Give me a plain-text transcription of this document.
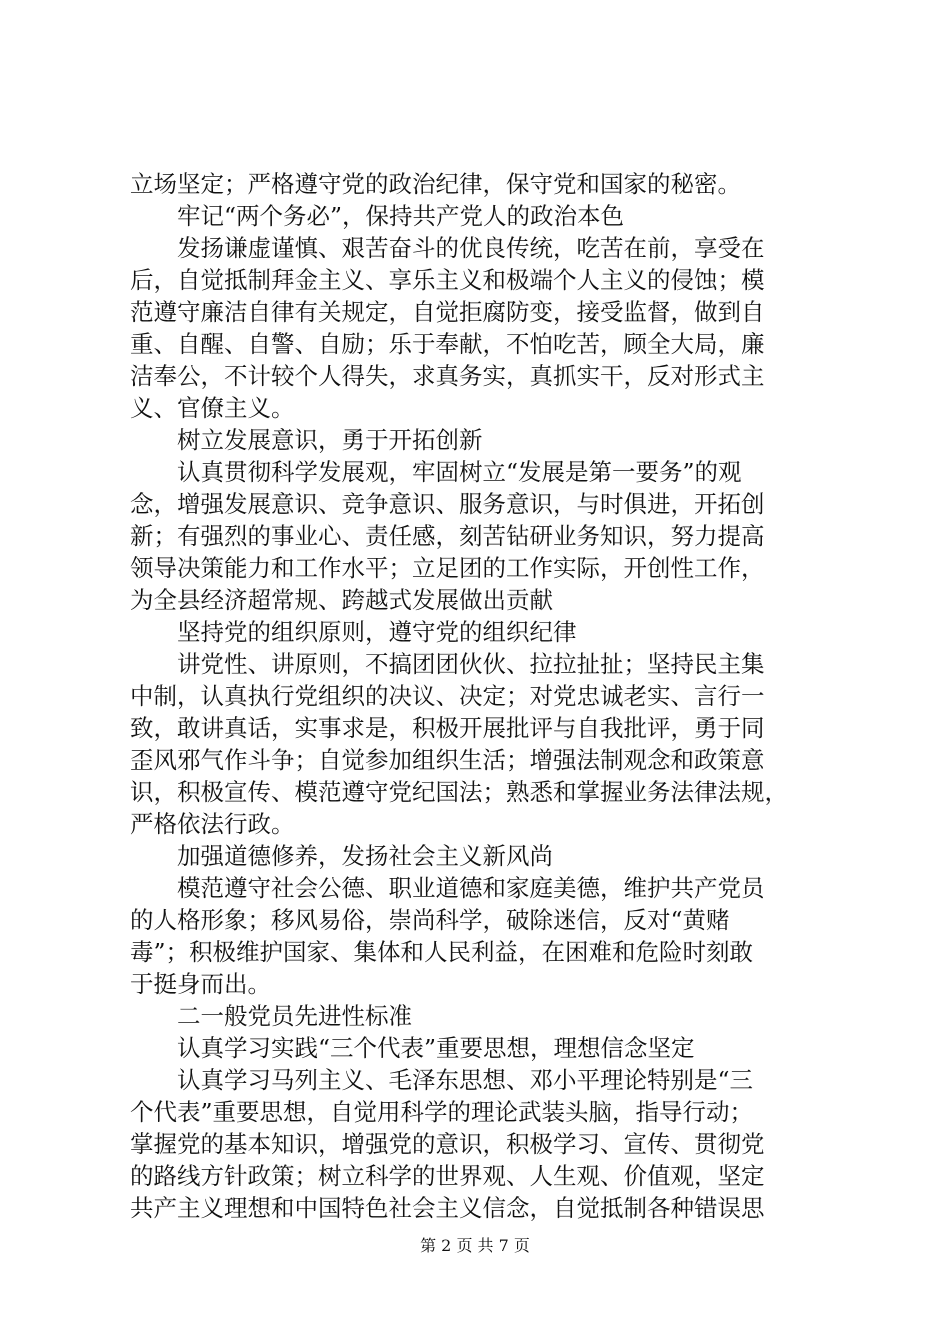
立场坚定；严格遵守党的政治纪律，保守党和国家的秘密。
　　牢记“两个务必”，保持共产党人的政治本色
　　发扬谦虚谨慎、艰苦奋斗的优良传统，吃苦在前，享受在
后，自觉抵制拜金主义、享乐主义和极端个人主义的侵蚀；模
范遵守廉洁自律有关规定，自觉拒腐防变，接受监督，做到自
重、自醒、自警、自励；乐于奉献，不怕吃苦，顾全大局，廉
洁奉公，不计较个人得失，求真务实，真抓实干，反对形式主
义、官僚主义。
　　树立发展意识，勇于开拓创新
　　认真贯彻科学发展观，牢固树立“发展是第一要务”的观
念，增强发展意识、竞争意识、服务意识，与时俱进，开拓创
新；有强烈的事业心、责任感，刻苦钻研业务知识，努力提高
领导决策能力和工作水平；立足团的工作实际，开创性工作，
为全县经济超常规、跨越式发展做出贡献
　　坚持党的组织原则，遵守党的组织纪律
　　讲党性、讲原则，不搞团团伙伙、拉拉扯扯；坚持民主集
中制，认真执行党组织的决议、决定；对党忠诚老实、言行一
致，敢讲真话，实事求是，积极开展批评与自我批评，勇于同
歪风邪气作斗争；自觉参加组织生活；增强法制观念和政策意
识，积极宣传、模范遵守党纪国法；熟悉和掌握业务法律法规，
严格依法行政。
　　加强道德修养，发扬社会主义新风尚
　　模范遵守社会公德、职业道德和家庭美德，维护共产党员
的人格形象；移风易俗，崇尚科学，破除迷信，反对“黄赌
毒”；积极维护国家、集体和人民利益，在困难和危险时刻敢
于挺身而出。
　　二一般党员先进性标准
　　认真学习实践“三个代表”重要思想，理想信念坚定
　　认真学习马列主义、毛泽东思想、邓小平理论特别是“三
个代表”重要思想，自觉用科学的理论武装头脑，指导行动；
掌握党的基本知识，增强党的意识，积极学习、宣传、贯彻党
的路线方针政策；树立科学的世界观、人生观、价值观，坚定
共产主义理想和中国特色社会主义信念，自觉抵制各种错误思
第 2 页 共 7 页
